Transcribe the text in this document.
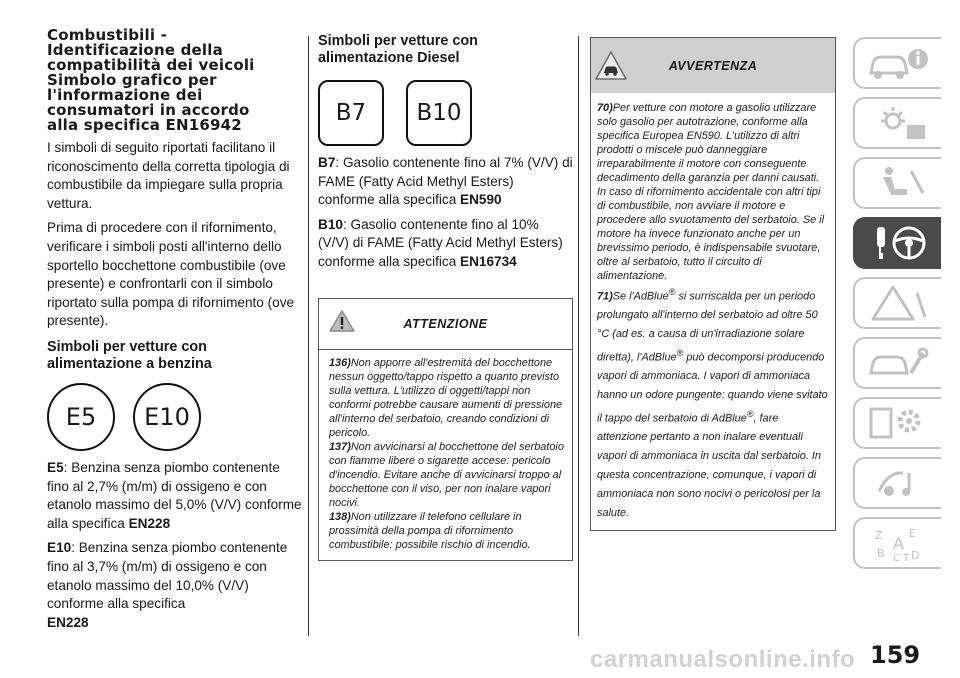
Combustibili -
Identificazione della
compatibilità dei veicoli
Simbolo grafico per
l'informazione dei
consumatori in accordo
alla specifica EN16942
I simboli di seguito riportati facilitano il riconoscimento della corretta tipologia di combustibile da impiegare sulla propria vettura.
Prima di procedere con il rifornimento, verificare i simboli posti all'interno dello sportello bocchettone combustibile (ove presente) e confrontarli con il simbolo riportato sulla pompa di rifornimento (ove presente).
Simboli per vetture con
alimentazione a benzina
E5	E10
E5: Benzina senza piombo contenente fino al 2,7% (m/m) di ossigeno e con etanolo massimo del 5,0% (V/V) conforme alla specifica EN228
E10: Benzina senza piombo contenente fino al 3,7% (m/m) di ossigeno e con etanolo massimo del 10,0% (V/V) conforme alla specifica
EN228
Simboli per vetture con
alimentazione Diesel
B7	B10
B7: Gasolio contenente fino al 7% (V/V) di FAME (Fatty Acid Methyl Esters) conforme alla specifica EN590
B10: Gasolio contenente fino al 10% (V/V) di FAME (Fatty Acid Methyl Esters) conforme alla specifica EN16734
ATTENZIONE

136)Non apporre all'estremità del bocchettone nessun oggetto/tappo rispetto a quanto previsto sulla vettura. L'utilizzo di oggetti/tappi non conformi potrebbe causare aumenti di pressione all'interno del serbatoio, creando condizioni di pericolo.

137)Non avvicinarsi al bocchettone del serbatoio con fiamme libere o sigarette accese: pericolo d'incendio. Evitare anche di avvicinarsi troppo al bocchettone con il viso, per non inalare vapori nocivi.

138)Non utilizzare il telefono cellulare in prossimità della pompa di rifornimento combustibile: possibile rischio di incendio.

AVVERTENZA

70)Per vetture con motore a gasolio utilizzare solo gasolio per autotrazione, conforme alla specifica Europea EN590. L'utilizzo di altri prodotti o miscele può danneggiare irreparabilmente il motore con conseguente decadimento della garanzia per danni causati. In caso di rifornimento accidentale con altri tipi di combustibile, non avviare il motore e procedere allo svuotamento del serbatoio. Se il motore ha invece funzionato anche per un brevissimo periodo, è indispensabile svuotare, oltre al serbatoio, tutto il circuito di alimentazione.

71)Se l'AdBlue® si surriscalda per un periodo prolungato all'interno del serbatoio ad oltre 50 °C (ad es. a causa di un'irradiazione solare diretta), l'AdBlue® può decomporsi producendo vapori di ammoniaca. I vapori di ammoniaca hanno un odore pungente: quando viene svitato il tappo del serbatoio di AdBlue®, fare attenzione pertanto a non inalare eventuali vapori di ammoniaca in uscita dal serbatoio. In questa concentrazione, comunque, i vapori di ammoniaca non sono nocivi o pericolosi per la salute.

Z E
A
B D
C T
159
carmanualsonline.info
